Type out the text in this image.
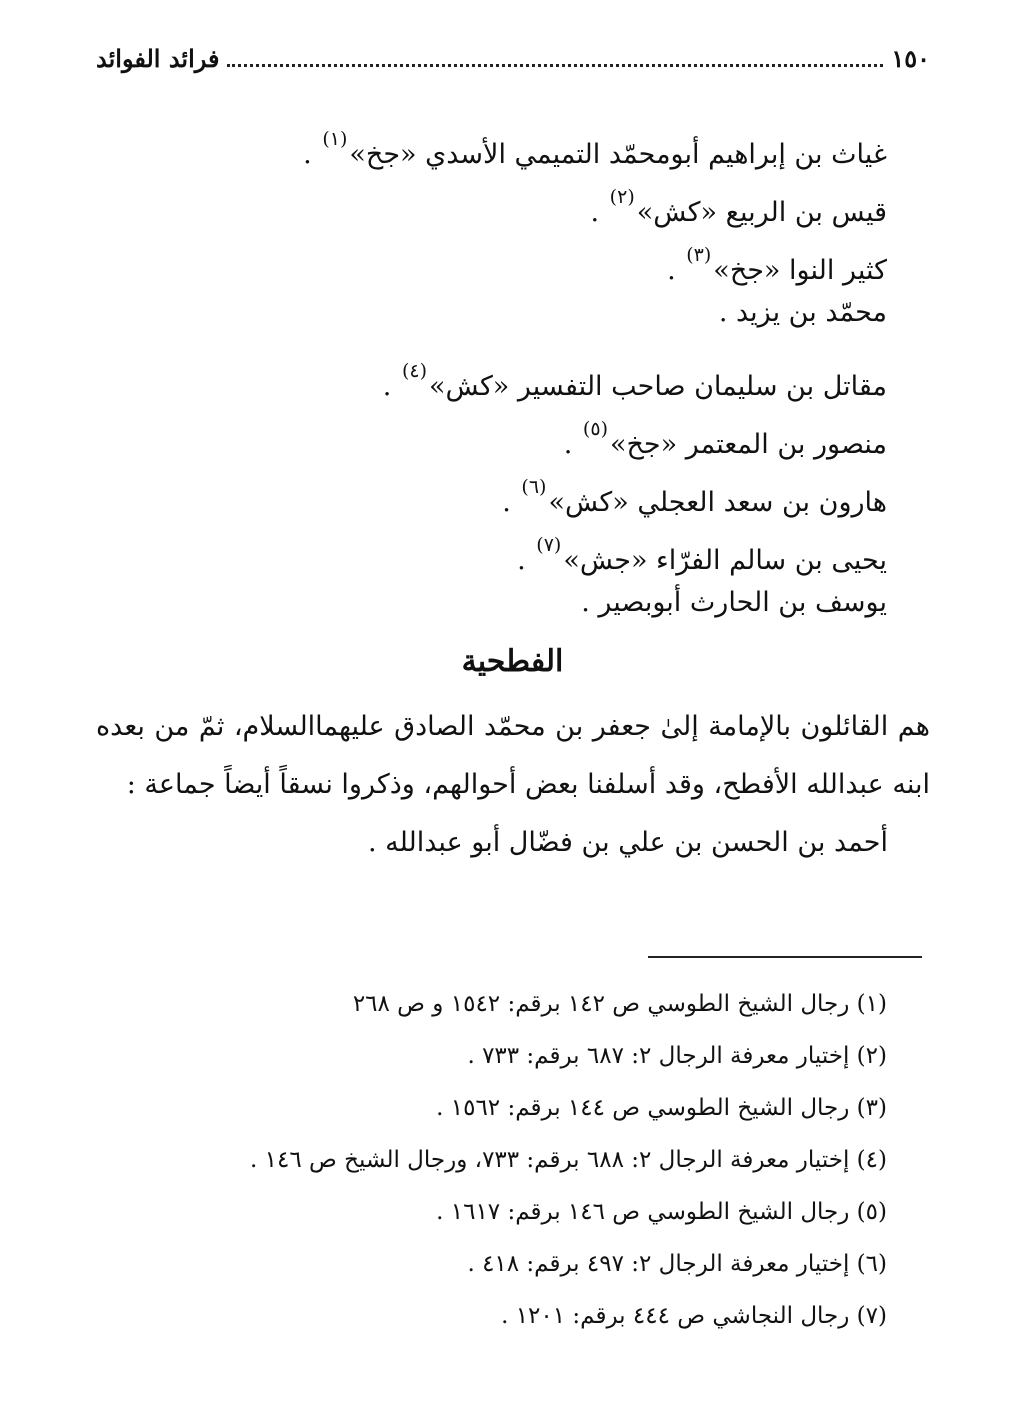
١٥٠
فرائد الفوائد
غياث بن إبراهيم أبومحمّد التميمي الأسدي «جخ»$^{(١)}$ .
قيس بن الربيع «كش»$^{(٢)}$ .
كثير النوا «جخ»$^{(٣)}$ .
محمّد بن يزيد .
مقاتل بن سليمان صاحب التفسير «كش»$^{(٤)}$ .
منصور بن المعتمر «جخ»$^{(٥)}$ .
هارون بن سعد العجلي «كش»$^{(٦)}$ .
يحيى بن سالم الفرّاء «جش»$^{(٧)}$ .
يوسف بن الحارث أبوبصير .
الفطحية
هم القائلون بالإمامة إلىٰ جعفر بن محمّد الصادق عليهماالسلام، ثمّ من بعده
ابنه عبدالله الأفطح، وقد أسلفنا بعض أحوالهم، وذكروا نسقاً أيضاً جماعة :
أحمد بن الحسن بن علي بن فضّال أبو عبدالله .
(١) رجال الشيخ الطوسي ص ١٤٢ برقم: ١٥٤٢ و ص ٢٦٨
(٢) إختيار معرفة الرجال ٢: ٦٨٧ برقم: ٧٣٣ .
(٣) رجال الشيخ الطوسي ص ١٤٤ برقم: ١٥٦٢ .
(٤) إختيار معرفة الرجال ٢: ٦٨٨ برقم: ٧٣٣، ورجال الشيخ ص ١٤٦ .
(٥) رجال الشيخ الطوسي ص ١٤٦ برقم: ١٦١٧ .
(٦) إختيار معرفة الرجال ٢: ٤٩٧ برقم: ٤١٨ .
(٧) رجال النجاشي ص ٤٤٤ برقم: ١٢٠١ .
